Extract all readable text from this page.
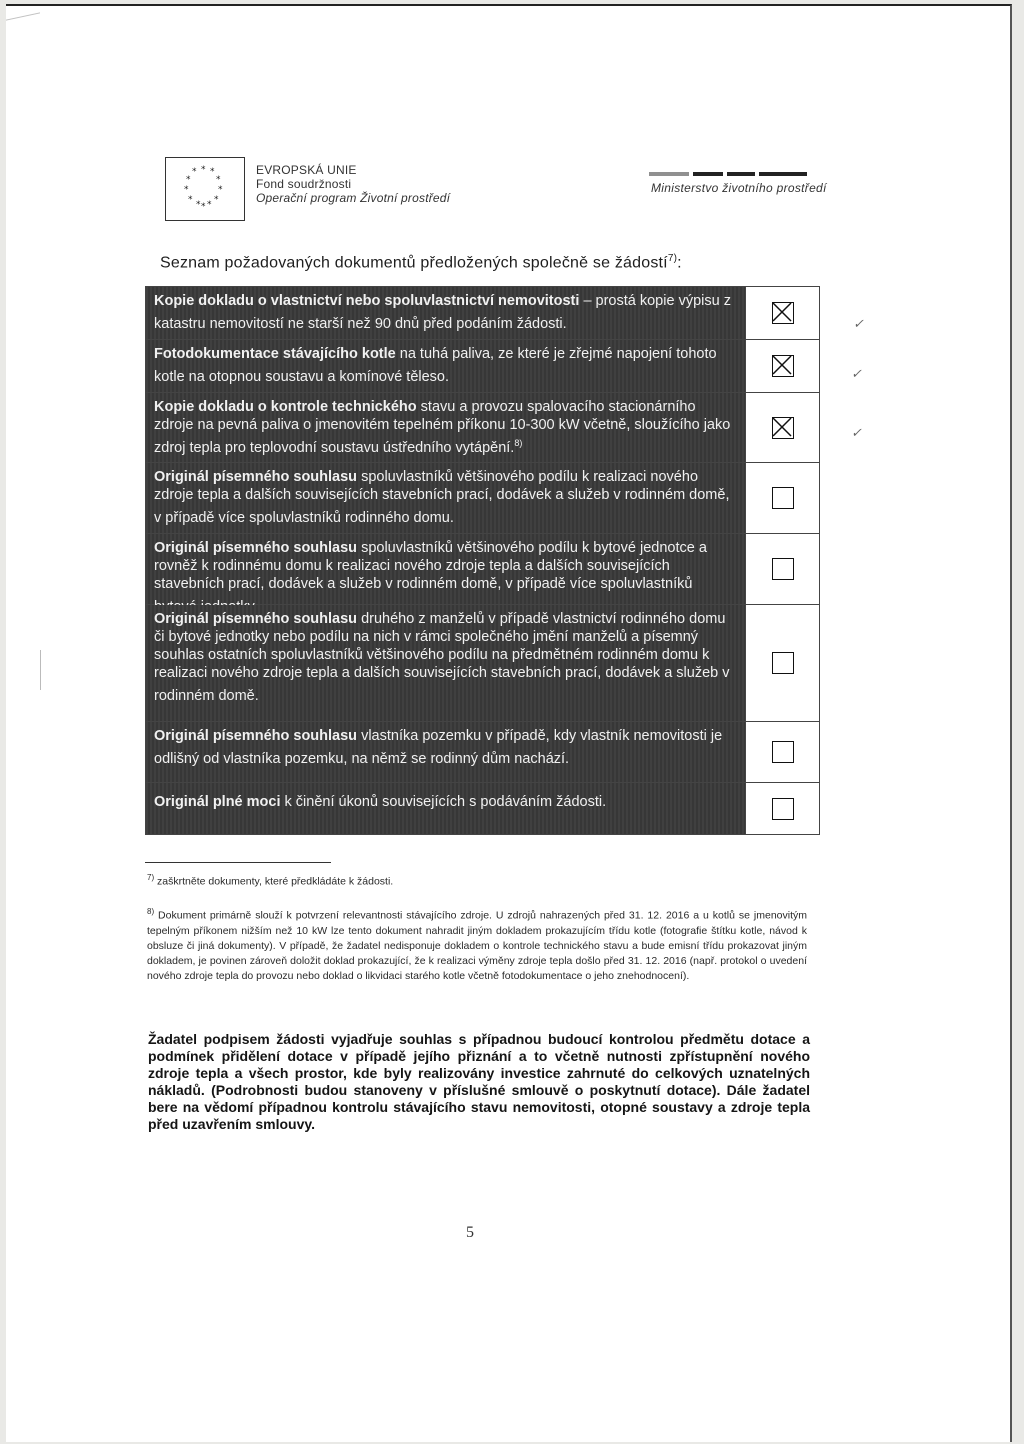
* *
*
*
*
*
*
*
* *
* *
EVROPSKÁ UNIE
Fond soudržnosti
Operační program Životní prostředí
Ministerstvo životního prostředí
Seznam požadovaných dokumentů předložených společně se žádostí$^{7)}$:
Kopie dokladu o vlastnictví nebo spoluvlastnictví nemovitosti – prostá kopie výpisu z katastru nemovitostí ne starší než 90 dnů před podáním žádosti.
Fotodokumentace stávajícího kotle na tuhá paliva, ze které je zřejmé napojení tohoto kotle na otopnou soustavu a komínové těleso.
Kopie dokladu o kontrole technického stavu a provozu spalovacího stacionárního zdroje na pevná paliva o jmenovitém tepelném příkonu 10-300 kW včetně, sloužícího jako zdroj tepla pro teplovodní soustavu ústředního vytápění.$^{8)}$
Originál písemného souhlasu spoluvlastníků většinového podílu k realizaci nového zdroje tepla a dalších souvisejících stavebních prací, dodávek a služeb v rodinném domě, v případě více spoluvlastníků rodinného domu.
Originál písemného souhlasu spoluvlastníků většinového podílu k bytové jednotce a rovněž k rodinnému domu k realizaci nového zdroje tepla a dalších souvisejících stavebních prací, dodávek a služeb v rodinném domě, v případě více spoluvlastníků
Originál písemného souhlasu druhého z manželů v případě vlastnictví rodinného domu či bytové jednotky nebo podílu na nich v rámci společného jmění manželů a písemný souhlas ostatních spoluvlastníků většinového podílu na předmětném rodinném domu k realizaci nového zdroje tepla a dalších souvisejících stavebních prací, dodávek a služeb v rodinném domě.
Originál písemného souhlasu vlastníka pozemku v případě, kdy vlastník nemovitosti je odlišný od vlastníka pozemku, na němž se rodinný dům nachází.
Originál plné moci k činění úkonů souvisejících s podáváním žádosti.
✓
✓
✓
$^{7)}$ zaškrtněte dokumenty, které předkládáte k žádosti.
$^{8)}$ Dokument primárně slouží k potvrzení relevantnosti stávajícího zdroje. U zdrojů nahrazených před 31. 12. 2016 a u kotlů se jmenovitým tepelným příkonem nižším než 10 kW lze tento dokument nahradit jiným dokladem prokazujícím třídu kotle (fotografie štítku kotle, návod k obsluze či jiná dokumenty). V případě, že žadatel nedisponuje dokladem o kontrole technického stavu a bude emisní třídu prokazovat jiným dokladem, je povinen zároveň doložit doklad prokazující, že k realizaci výměny zdroje tepla došlo před 31. 12. 2016 (např. protokol o uvedení nového zdroje tepla do provozu nebo doklad o likvidaci starého kotle včetně fotodokumentace o jeho znehodnocení).
Žadatel podpisem žádosti vyjadřuje souhlas s případnou budoucí kontrolou předmětu dotace a podmínek přidělení dotace v případě jejího přiznání a to včetně nutnosti zpřístupnění nového zdroje tepla a všech prostor, kde byly realizovány investice zahrnuté do celkových uznatelných nákladů. (Podrobnosti budou stanoveny v příslušné smlouvě o poskytnutí dotace). Dále žadatel bere na vědomí případnou kontrolu stávajícího stavu nemovitosti, otopné soustavy a zdroje tepla před uzavřením smlouvy.
5
